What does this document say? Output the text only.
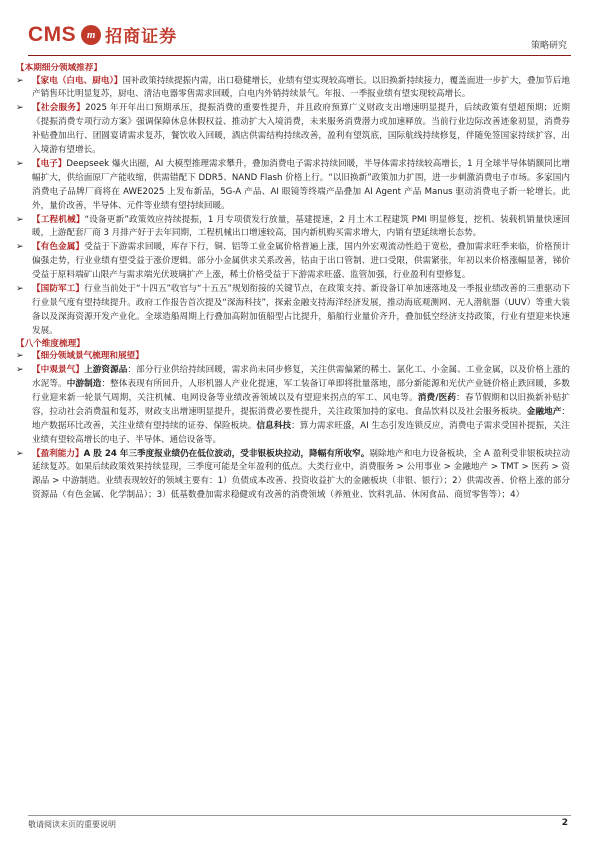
CMS m 招商证券	策略研究
【本期细分领域推荐】
➢ 【家电（白电、厨电）】国补政策持续提振内需，出口稳健增长，业绩有望实现较高增长。以旧换新持续接力，覆盖面进一步扩大，叠加节后地产销售环比明显复苏，厨电、清洁电器零售需求回暖，白电内外销持续景气。年报、一季报业绩有望实现较高增长。
➢ 【社会服务】2025 年开年出口预期承压，提振消费的重要性提升，并且政府预算广义财政支出增速明显提升，后续政策有望超预期；近期《提振消费专项行动方案》强调保障休息休假权益、推动扩大入境消费，未来服务消费潜力或加速释放。当前行业边际改善迹象初显，消费券补贴叠加出行、团圆宴请需求复苏，餐饮收入回暖，酒店供需结构持续改善，盈利有望筑底，国际航线持续修复，伴随免签国家持续扩容，出入境游有望增长。
➢ 【电子】Deepseek 爆火出圈，AI 大模型推理需求攀升，叠加消费电子需求持续回暖，半导体需求持续较高增长，1 月全球半导体销额同比增幅扩大，供给面原厂产能收缩，供需错配下 DDR5、NAND Flash 价格上行。“以旧换新”政策加力扩围，进一步刺激消费电子市场。多家国内消费电子品牌厂商将在 AWE2025 上发布新品，5G-A 产品、AI 眼镜等终端产品叠加 AI Agent 产品 Manus 驱动消费电子新一轮增长。此外，量价改善，半导体、元件等业绩有望持续回暖。
➢ 【工程机械】“设备更新”政策效应持续提振，1 月专项债发行放量，基建提速，2 月土木工程建筑 PMI 明显修复，挖机、装载机销量快速回暖，上游配套厂商 3 月排产好于去年同期，工程机械出口增速较高，国内新机购买需求增大，内销有望延续增长态势。
➢ 【有色金属】受益于下游需求回暖，库存下行，铜、铝等工业金属价格普遍上涨，国内外宏观流动性趋于宽松，叠加需求旺季来临，价格预计偏强走势，行业业绩有望受益于涨价逻辑。部分小金属供求关系改善，钴由于出口管制、进口受限，供需紧张，年初以来价格涨幅显著，锑价受益于原料端矿山限产与需求端光伏玻璃扩产上涨，稀土价格受益于下游需求旺盛、监管加强，行业盈利有望修复。
➢ 【国防军工】行业当前处于“十四五”收官与“十五五”规划衔接的关键节点，在政策支持、新设备订单加速落地及一季报业绩改善的三重驱动下行业景气度有望持续提升。政府工作报告首次提及“深海科技”，探索金融支持海洋经济发展，推动海底观测网、无人潜航器（UUV）等重大装备以及深海资源开发产业化。全球造船周期上行叠加高附加值船型占比提升，船舶行业量价齐升，叠加低空经济支持政策，行业有望迎来快速发展。
【八个维度梳理】
➢ 【细分领域景气梳理和展望】
➢ 【中观景气】上游资源品：部分行业供给持续回暖，需求尚未同步修复，关注供需偏紧的稀土、氯化工、小金属、工业金属，以及价格上涨的水泥等。中游制造：整体表现有所回升，人形机器人产业化提速，军工装备订单即将批量落地，部分新能源和光伏产业链价格止跌回暖，多数行业迎来新一轮景气周期，关注机械、电网设备等业绩改善领域以及有望迎来拐点的军工、风电等。消费/医药：春节假期和以旧换新补贴扩容，拉动社会消费温和复苏，财政支出增速明显提升，提振消费必要性提升，关注政策加持的家电、食品饮料以及社会服务板块。金融地产：地产数据环比改善，关注业绩有望持续的证券、保险板块。信息科技：算力需求旺盛，AI 生态引发连锁反应，消费电子需求受国补提振，关注业绩有望较高增长的电子、半导体、通信设备等。
➢ 【盈利能力】A 股 24 年三季度报业绩仍在低位波动，受非银板块拉动，降幅有所收窄。剔除地产和电力设备板块，全 A 盈利受非银板块拉动延续复苏。如果后续政策效果持续显现，三季度可能是全年盈利的低点。大类行业中，消费服务 > 公用事业 > 金融地产 > TMT > 医药 > 资源品 > 中游制造。业绩表现较好的领域主要有：1）负债成本改善、投资收益扩大的金融板块（非银、银行）；2）供需改善、价格上涨的部分资源品（有色金属、化学制品）；3）低基数叠加需求稳健或有改善的消费领域（养殖业、饮料乳品、休闲食品、商贸零售等）；4）
敬请阅读末页的重要说明	2
